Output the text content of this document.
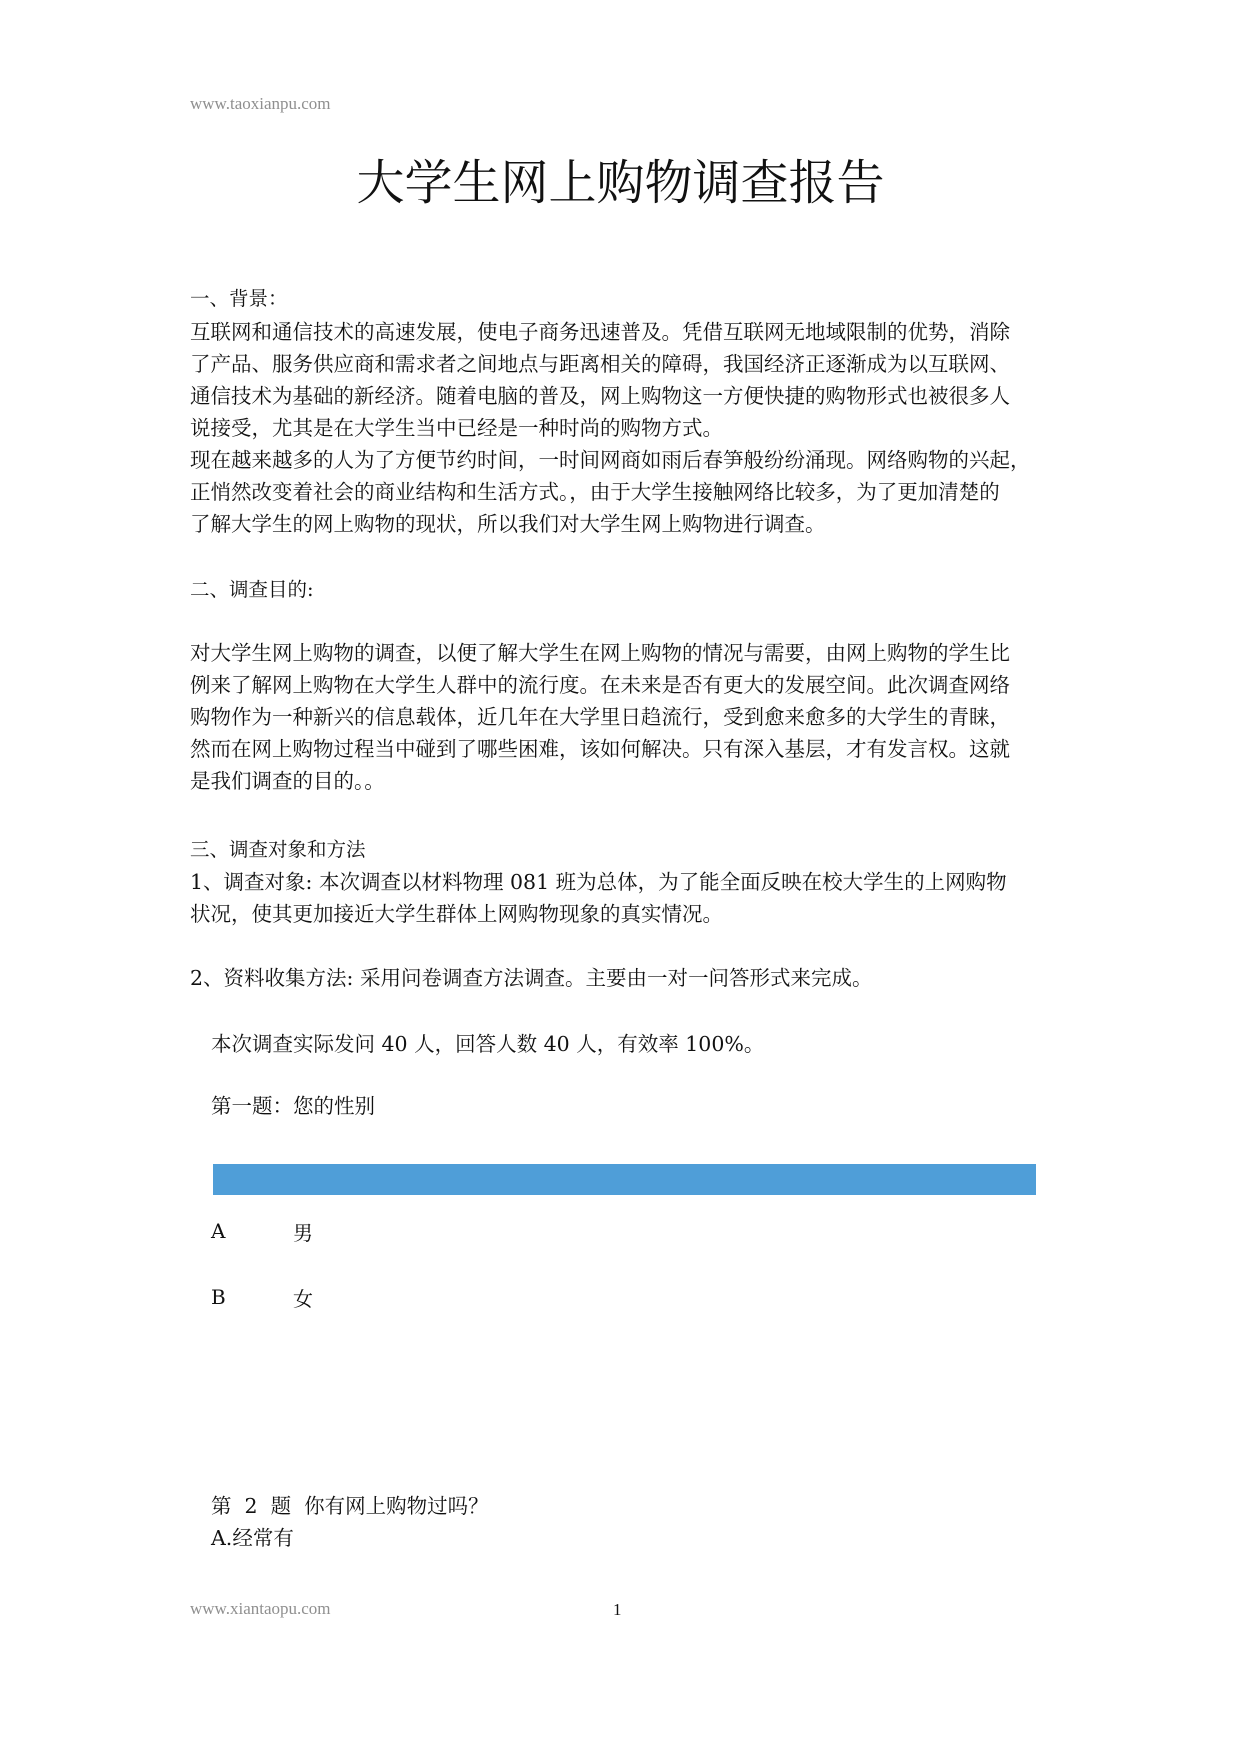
www.taoxianpu.com
大学生网上购物调查报告
一、背景：

互联网和通信技术的高速发展，使电子商务迅速普及。凭借互联网无地域限制的优势，消除
了产品、服务供应商和需求者之间地点与距离相关的障碍，我国经济正逐渐成为以互联网、
通信技术为基础的新经济。随着电脑的普及，网上购物这一方便快捷的购物形式也被很多人
说接受，尤其是在大学生当中已经是一种时尚的购物方式。

现在越来越多的人为了方便节约时间，一时间网商如雨后春笋般纷纷涌现。网络购物的兴起，
正悄然改变着社会的商业结构和生活方式。，由于大学生接触网络比较多，为了更加清楚的
了解大学生的网上购物的现状，所以我们对大学生网上购物进行调查。

二、调查目的:

对大学生网上购物的调查，以便了解大学生在网上购物的情况与需要，由网上购物的学生比
例来了解网上购物在大学生人群中的流行度。在未来是否有更大的发展空间。此次调查网络
购物作为一种新兴的信息载体，近几年在大学里日趋流行，受到愈来愈多的大学生的青睐，
然而在网上购物过程当中碰到了哪些困难，该如何解决。只有深入基层，才有发言权。这就
是我们调查的目的。。

三、调查对象和方法

1、调查对象: 本次调查以材料物理 081 班为总体，为了能全面反映在校大学生的上网购物
状况，使其更加接近大学生群体上网购物现象的真实情况。

2、资料收集方法: 采用问卷调查方法调查。主要由一对一问答形式来完成。
本次调查实际发问 40 人，回答人数 40 人，有效率 100%。
第一题：您的性别
A	男
B	女
第  2  题  你有网上购物过吗？
A.经常有
www.xiantaopu.com	1
